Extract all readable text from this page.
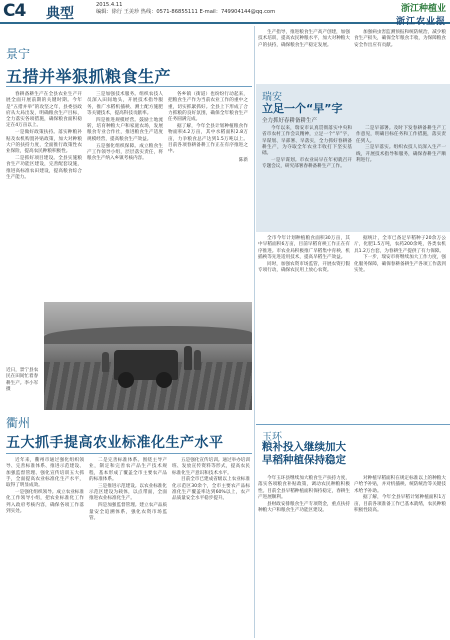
C4 典型
2015.4.11
编辑：徐行 王美珍 热线：0571-86855111 E-mail：749904144@qq.com	浙江种植业
浙江农业报
景宁
五措并举狠抓粮食生产

春耕备耕生产在全县农业生产开展全面开展前期的关键时期。今年是“五措并举”的攻坚之年，县委县政府从大局出发，明确粮食生产目标，全力落实各项措施，确保粮食面积稳定在4万亩以上。

一是做好政策扶持。落实种粮补贴及农机购置补贴政策，加大对种粮大户的扶持力度，全面推行政策性农业保险，提高农民种粮积极性。

二是抓好项目建设。全县实施粮食生产功能区建设，完善配套设施，推进高标准农田建设，提高粮食综合生产能力。

三是加强技术服务。组织农技人员深入田间地头，开展技术指导服务，推广水稻机插秧、测土配方施肥等关键技术，提高科技贡献率。

四是推进规模经营。鼓励土地流转，培育种粮大户和家庭农场，发展粮食专业合作社，推进粮食生产适度规模经营，提高粮食生产效益。

五是强化组织保障。成立粮食生产工作领导小组，层层落实责任，将粮食生产纳入乡镇考核内容。

各乡镇（街道）也纷纷行动起来，把粮食生产作为当前农业工作的重中之重，切实抓紧抓好。全县上下形成了合力抓粮的良好氛围，确保全年粮食生产任务圆满完成。

据了解，今年全县计划种植粮食作物面积4.2万亩，其中水稻面积2.8万亩，力争粮食总产达到1.5万吨以上。目前各项春耕备耕工作正在有序推进之中。

陈新
近日，景宁县农民在田间忙着春耕生产。李小军 摄
衢州
五大抓手提高农业标准化生产水平

近年来，衢州市通过强化组织领导、完善标准体系、推进示范建设、加强监督管理、强化宣传培训五大抓手，全面提高农业标准化生产水平，取得了明显成效。

一是强化组织领导。成立农业标准化工作领导小组，把农业标准化工作列入政府考核内容，确保各项工作落到实处。

二是完善标准体系。围绕主导产业，制定和完善农产品生产技术规程，基本形成了覆盖全市主要农产品的标准体系。

三是推进示范建设。以农业标准化示范区建设为载体，以点带面，全面推进农业标准化生产。

四是加强监督管理。建立农产品质量安全追溯体系，强化农资市场监管。

五是强化宣传培训。通过举办培训班、发放宣传资料等形式，提高农民标准化生产意识和技术水平。

目前全市已建成省级以上农业标准化示范区30余个，全市主要农产品标准化生产覆盖率达到60%以上，农产品质量安全水平稳步提升。

生产指导，推进粮食生产高产创建，加强技术培训，提高农民种粮水平，加大对种粮大户的扶持，确保粮食生产稳定发展。

加强病虫害监测预报和统防统治，减少粮食生产损失，确保全年粮食丰收，为保障粮食安全作出应有贡献。

瑞安
立足一个“早”字
全力抓好春耕备耕生产

今年以来，瑞安市认真贯彻落实中央和省市农村工作会议精神，立足一个“早”字，早谋划、早部署、早落实，全力抓好春耕备耕生产，为夺取全年农业丰收打下坚实基础。

一是早谋划。市农业局早在年初就召开专题会议，研究部署春耕备耕生产工作。

二是早部署。及时下发春耕备耕生产工作意见，明确目标任务和工作措施，落实责任到人。

三是早落实。组织农技人员深入生产一线，开展技术指导和服务，确保春耕生产顺利进行。

全市今年计划种植粮食面积30万亩，其中早稻面积6万亩，目前早稻育秧工作正在有序推进。市农业局积极推广早稻集中育秧、机插秧等先进适用技术，提高早稻生产效益。

同时，加强农资市场监管，开展农资打假专项行动，确保农民用上放心农资。

据统计，全市已备足早稻种子20余万公斤，化肥1.5万吨，农药200余吨，各类农机具1.2万台套，为春耕生产提供了有力保障。

下一步，瑞安市将继续加大工作力度，强化服务保障，确保春耕备耕生产各项工作落到实处。

玉环
粮补投入继续加大
早稻种植保持稳定

今年玉环县继续加大粮食生产扶持力度，落实各项粮食补贴政策，调动农民种粮积极性。目前全县早稻种植面积保持稳定，春耕生产进展顺利。

县财政安排粮食生产专项资金，重点扶持种粮大户和粮食生产功能区建设。

对种植早稻面积在规定标准以上的种粮大户给予补贴，并对机插秧、统防统治等关键技术给予补助。

据了解，今年全县早稻计划种植面积1万亩，目前各项准备工作已基本就绪，农民种粮积极性较高。
